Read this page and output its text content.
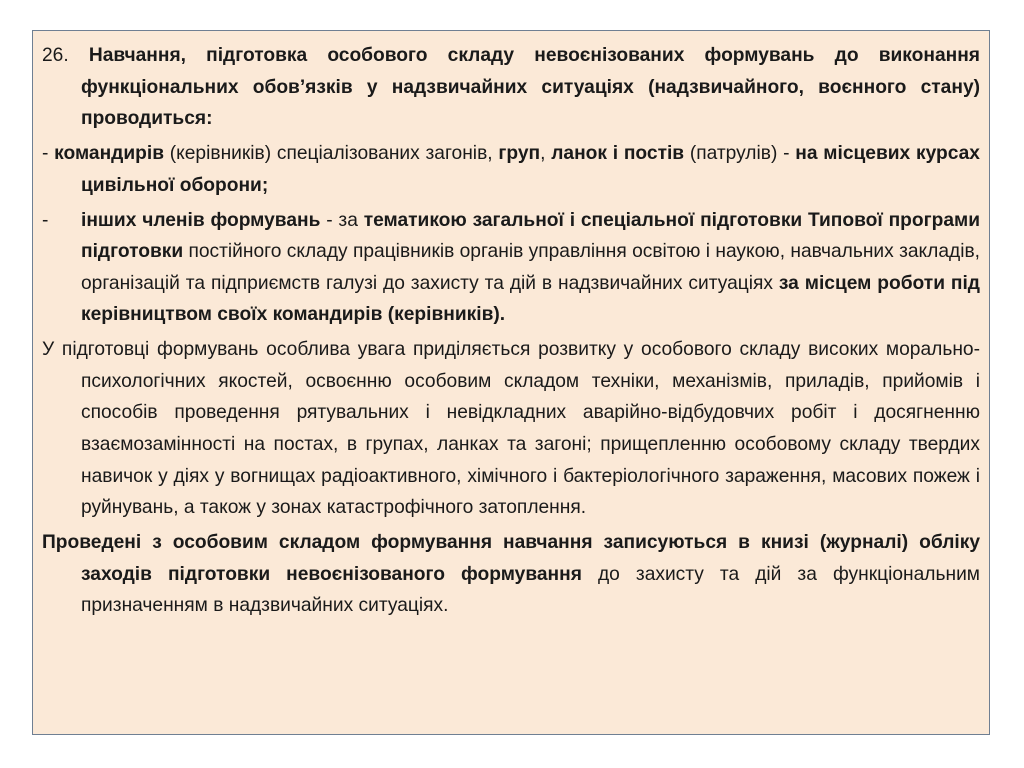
26. Навчання, підготовка особового складу невоєнізованих формувань до виконання функціональних обов’язків у надзвичайних ситуаціях (надзвичайного, воєнного стану) проводиться:

- командирів (керівників) спеціалізованих загонів, груп, ланок і постів (патрулів) - на місцевих курсах цивільної оборони;

- інших членів формувань - за тематикою загальної і спеціальної підготовки Типової програми підготовки постійного складу працівників органів управління освітою і наукою, навчальних закладів, організацій та підприємств галузі до захисту та дій в надзвичайних ситуаціях за місцем роботи під керівництвом своїх командирів (керівників).

У підготовці формувань особлива увага приділяється розвитку у особового складу високих морально-психологічних якостей, освоєнню особовим складом техніки, механізмів, приладів, прийомів і способів проведення рятувальних і невідкладних аварійно-відбудовчих робіт і досягненню взаємозамінності на постах, в групах, ланках та загоні; прищепленню особовому складу твердих навичок у діях у вогнищах радіоактивного, хімічного і бактеріологічного зараження, масових пожеж і руйнувань, а також у зонах катастрофічного затоплення.

Проведені з особовим складом формування навчання записуються в книзі (журналі) обліку заходів підготовки невоєнізованого формування до захисту та дій за функціональним призначенням в надзвичайних ситуаціях.
